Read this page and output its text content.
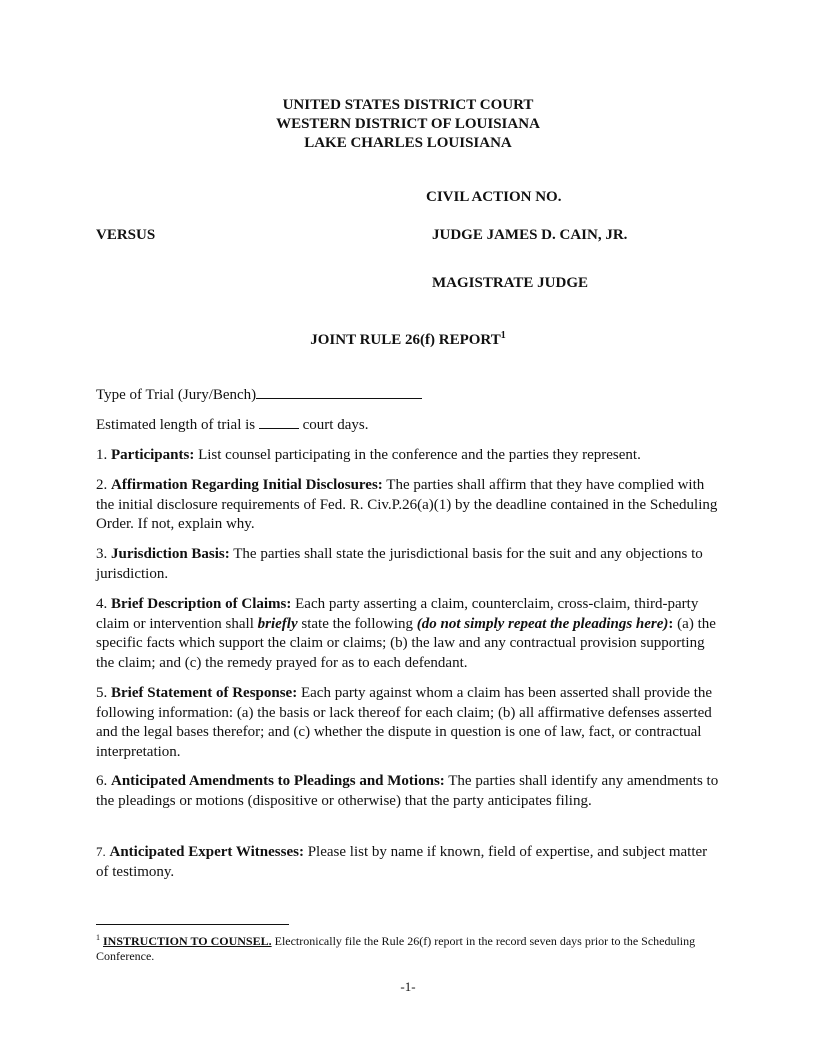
UNITED STATES DISTRICT COURT
WESTERN DISTRICT OF LOUISIANA
LAKE CHARLES LOUISIANA
CIVIL ACTION NO.
VERSUS	JUDGE JAMES D. CAIN, JR.
MAGISTRATE JUDGE
JOINT RULE 26(f) REPORT$^1$
Type of Trial (Jury/Bench)
Estimated length of trial is	court days.

1. Participants: List counsel participating in the conference and the parties they represent.

2. Affirmation Regarding Initial Disclosures: The parties shall affirm that they have complied with the initial disclosure requirements of Fed. R. Civ.P.26(a)(1) by the deadline contained in the Scheduling Order. If not, explain why.

3. Jurisdiction Basis: The parties shall state the jurisdictional basis for the suit and any objections to jurisdiction.

4. Brief Description of Claims: Each party asserting a claim, counterclaim, cross-claim, third-party claim or intervention shall briefly state the following (do not simply repeat the pleadings here): (a) the specific facts which support the claim or claims; (b) the law and any contractual provision supporting the claim; and (c) the remedy prayed for as to each defendant.

5. Brief Statement of Response: Each party against whom a claim has been asserted shall provide the following information: (a) the basis or lack thereof for each claim; (b) all affirmative defenses asserted and the legal bases therefor; and (c) whether the dispute in question is one of law, fact, or contractual interpretation.

6. Anticipated Amendments to Pleadings and Motions: The parties shall identify any amendments to the pleadings or motions (dispositive or otherwise) that the party anticipates filing.

7. Anticipated Expert Witnesses: Please list by name if known, field of expertise, and subject matter of testimony.

$^1$ INSTRUCTION TO COUNSEL. Electronically file the Rule 26(f) report in the record seven days prior to the Scheduling Conference.
-1-
